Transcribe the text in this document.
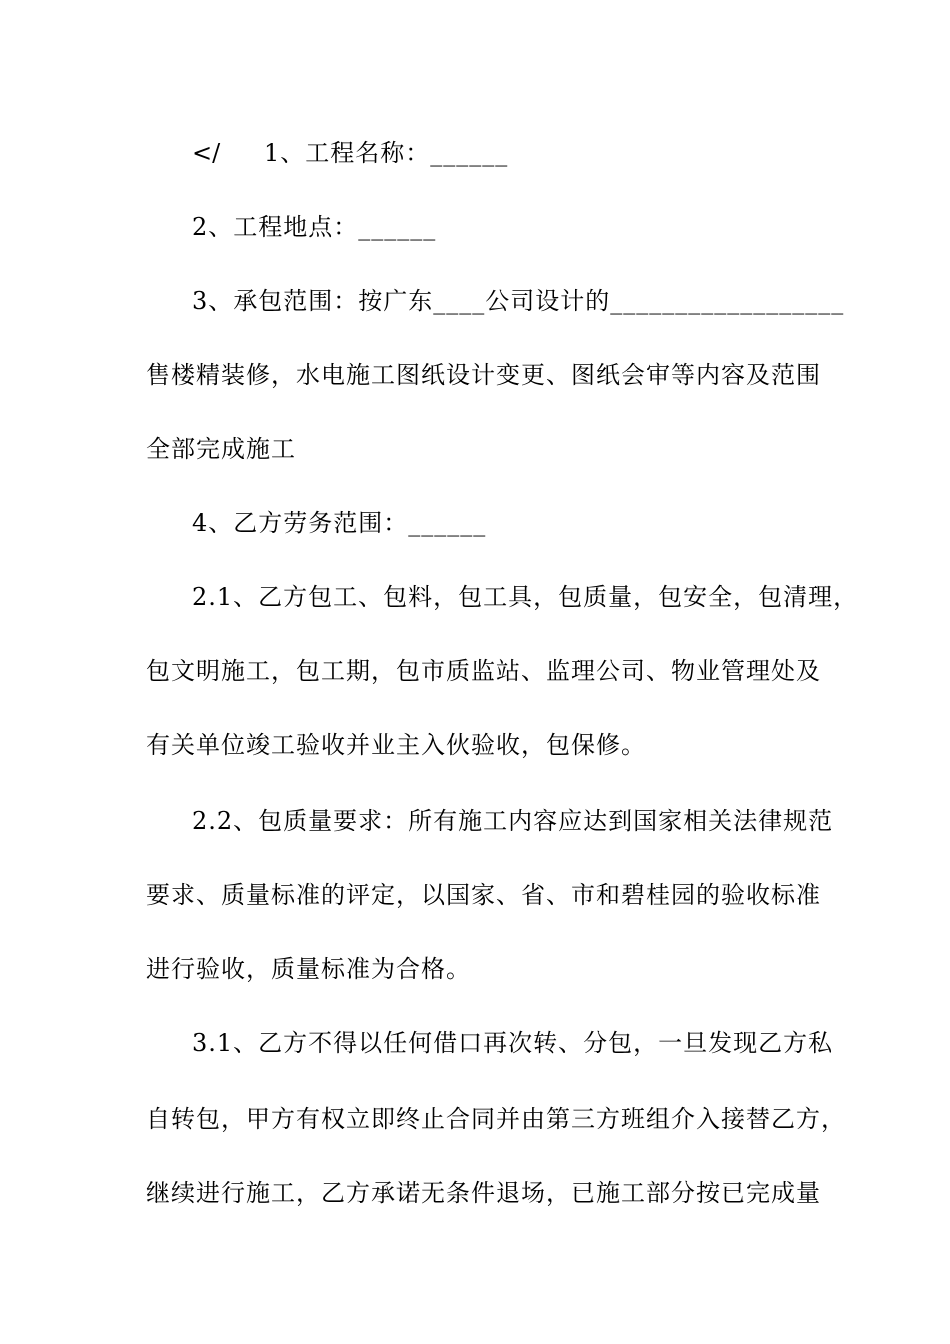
</ 1、工程名称：______
2、工程地点：______
3、承包范围：按广东____公司设计的__________________
售楼精装修，水电施工图纸设计变更、图纸会审等内容及范围
全部完成施工
4、乙方劳务范围：______
2.1、乙方包工、包料，包工具，包质量，包安全，包清理，
包文明施工，包工期，包市质监站、监理公司、物业管理处及
有关单位竣工验收并业主入伙验收，包保修。
2.2、包质量要求：所有施工内容应达到国家相关法律规范
要求、质量标准的评定，以国家、省、市和碧桂园的验收标准
进行验收，质量标准为合格。
3.1、乙方不得以任何借口再次转、分包，一旦发现乙方私
自转包，甲方有权立即终止合同并由第三方班组介入接替乙方，
继续进行施工，乙方承诺无条件退场，已施工部分按已完成量
